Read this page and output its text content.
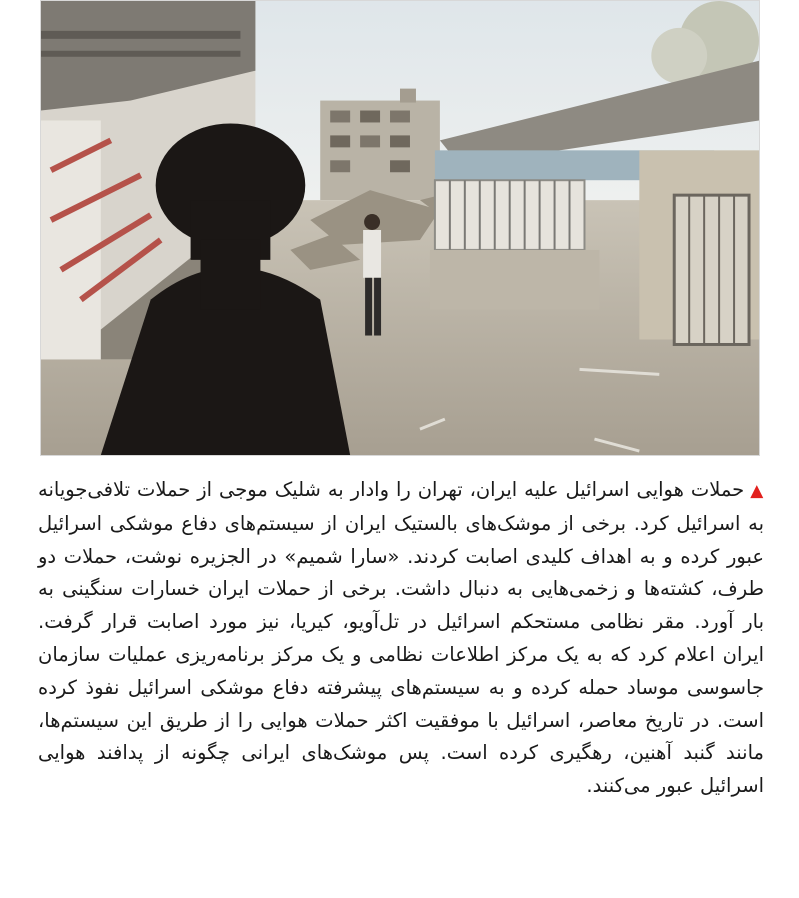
▲حملات هوایی اسرائیل علیه ایران، تهران را وادار به شلیک موجی از حملات تلافی‌جویانه به اسرائیل کرد. برخی از موشک‌های بالستیک ایران از سیستم‌های دفاع موشکی اسرائیل عبور کرده و به اهداف کلیدی اصابت کردند. «سارا شمیم» در الجزیره نوشت، حملات دو طرف، کشته‌ها و زخمی‌هایی به دنبال داشت. برخی از حملات ایران خسارات سنگینی به بار آورد. مقر نظامی مستحکم اسرائیل در تل‌آویو، کیریا، نیز مورد اصابت قرار گرفت. ایران اعلام کرد که به یک مرکز اطلاعات نظامی و یک مرکز برنامه‌ریزی عملیات سازمان جاسوسی موساد حمله کرده و به سیستم‌های پیشرفته دفاع موشکی اسرائیل نفوذ کرده است. در تاریخ معاصر، اسرائیل با موفقیت اکثر حملات هوایی را از طریق این سیستم‌ها، مانند گنبد آهنین، رهگیری کرده است. پس موشک‌های ایرانی چگونه از پدافند هوایی اسرائیل عبور می‌کنند.
